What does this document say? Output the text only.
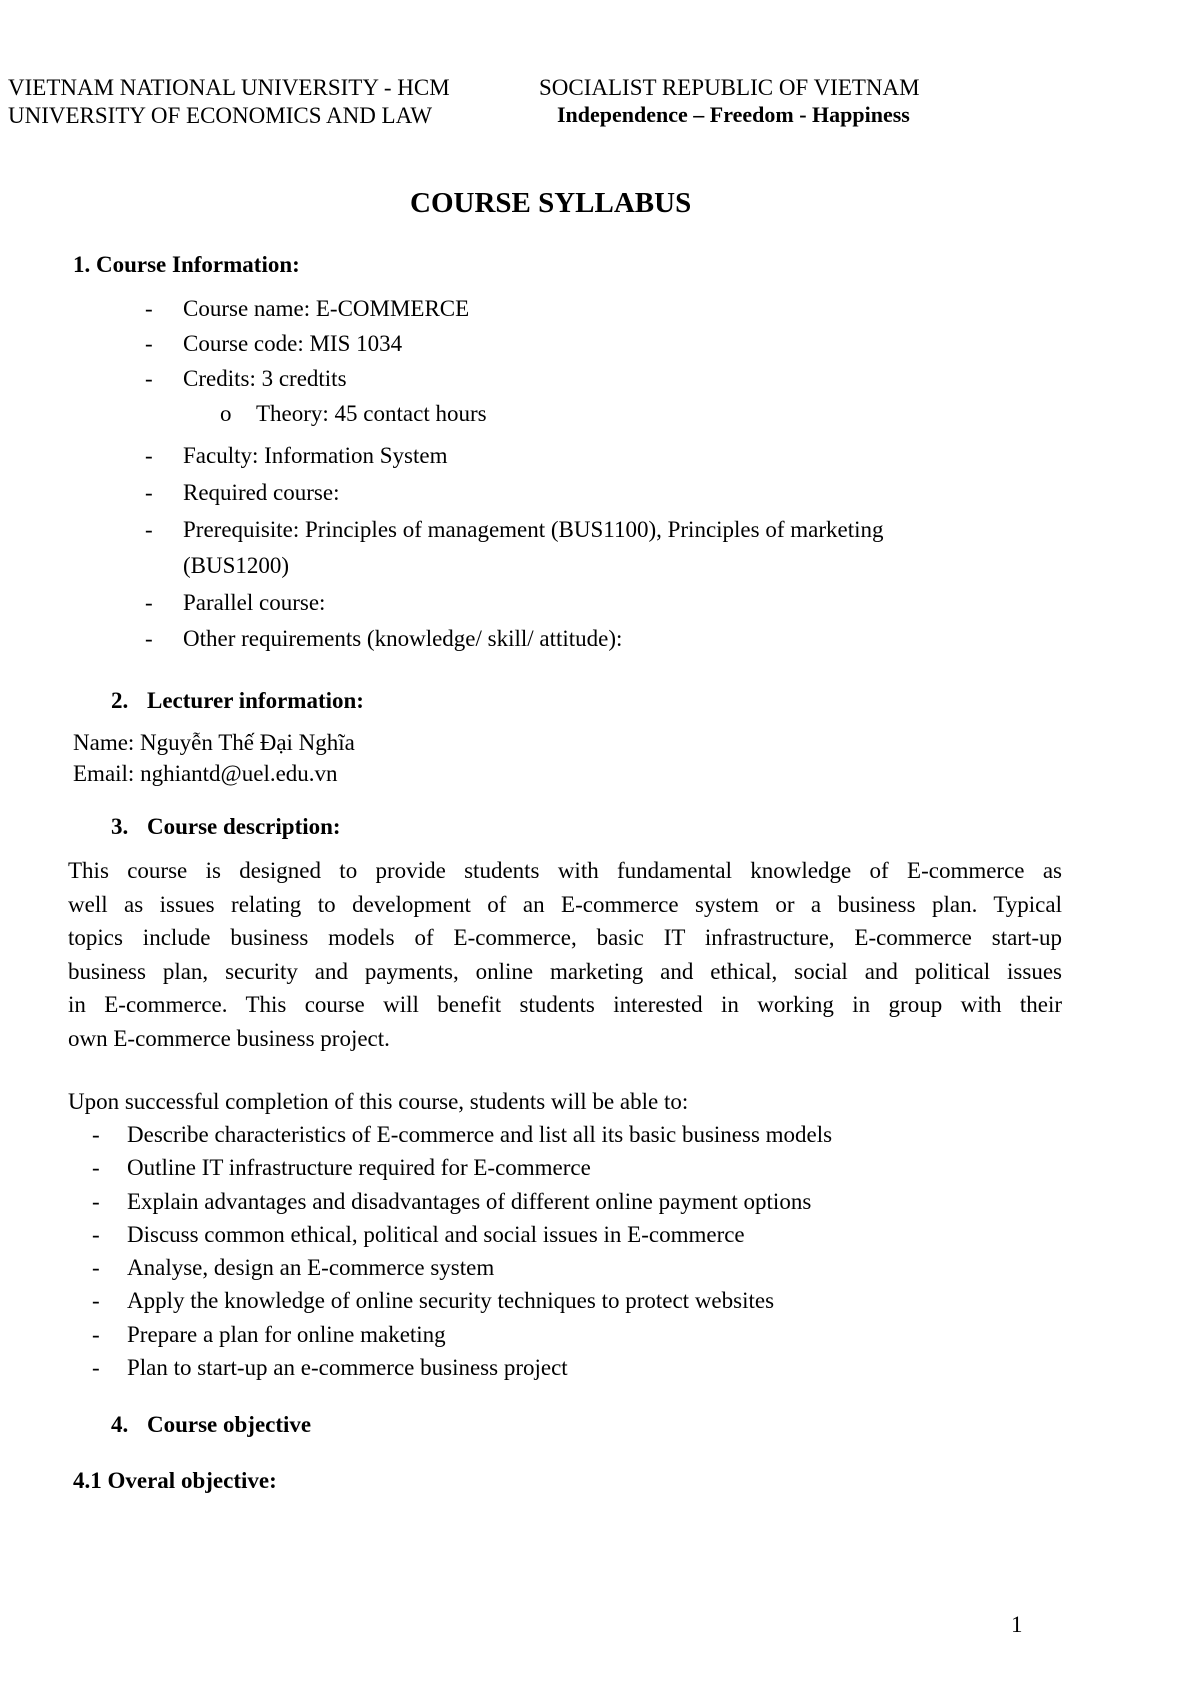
VIETNAM NATIONAL UNIVERSITY - HCM
UNIVERSITY OF ECONOMICS AND LAW
SOCIALIST REPUBLIC OF VIETNAM
Independence – Freedom - Happiness
COURSE SYLLABUS
1. Course Information:
- Course name: E-COMMERCE
- Course code: MIS 1034
- Credits: 3 credtits
o Theory: 45 contact hours
- Faculty: Information System
- Required course:
- Prerequisite: Principles of management (BUS1100), Principles of marketing
(BUS1200)
- Parallel course:
- Other requirements (knowledge/ skill/ attitude):
2. Lecturer information:
Name: Nguyễn Thế Đại Nghĩa
Email: nghiantd@uel.edu.vn
3. Course description:
This course is designed to provide students with fundamental knowledge of E-commerce as
well as issues relating to development of an E-commerce system or a business plan. Typical
topics include business models of E-commerce, basic IT infrastructure, E-commerce start-up
business plan, security and payments, online marketing and ethical, social and political issues
in E-commerce. This course will benefit students interested in working in group with their
own E-commerce business project.
Upon successful completion of this course, students will be able to:
- Describe characteristics of E-commerce and list all its basic business models
- Outline IT infrastructure required for E-commerce
- Explain advantages and disadvantages of different online payment options
- Discuss common ethical, political and social issues in E-commerce
- Analyse, design an E-commerce system
- Apply the knowledge of online security techniques to protect websites
- Prepare a plan for online maketing
- Plan to start-up an e-commerce business project
4. Course objective
4.1 Overal objective:
1
